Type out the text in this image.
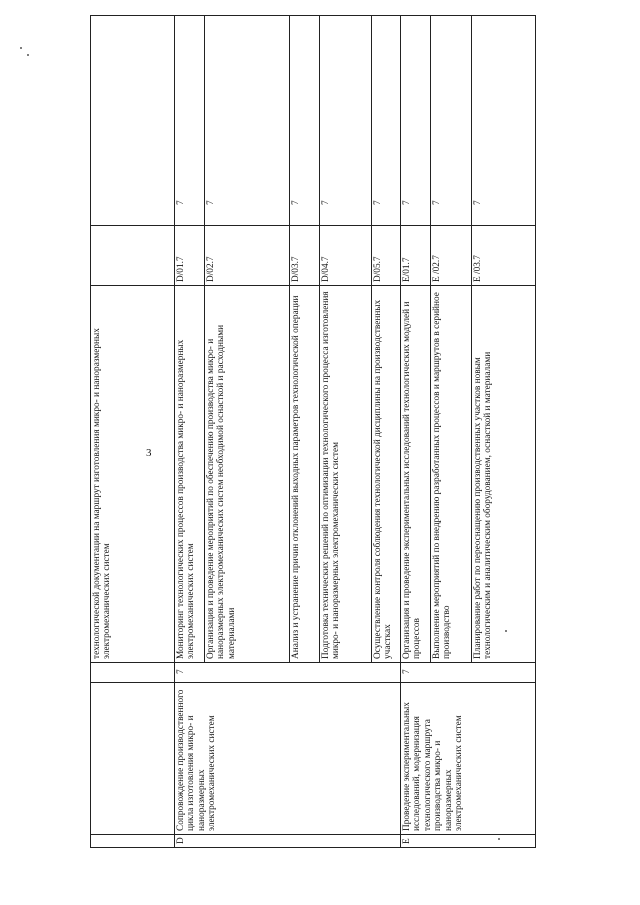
3
			технологической документации на маршрут изготовления микро- и наноразмерных электромеханических систем		
D	Сопровождение производственного цикла изготовления микро- и наноразмерных электромеханических систем	7	Мониторинг технологических процессов производства микро- и наноразмерных электромеханических систем	D/01.7	7
			Организация и проведение мероприятий по обеспечению производства микро- и наноразмерных электромеханических систем необходимой оснасткой и расходными материалами	D/02.7	7
			Анализ и устранение причин отклонений выходных параметров технологической операции	D/03.7	7
			Подготовка технических решений по оптимизации технологического процесса изготовления микро- и наноразмерных электромеханических систем	D/04.7	7
			Осуществление контроля соблюдения технологической дисциплины на производственных участках	D/05.7	7
E	Проведение экспериментальных исследований, модернизация технологического маршрута производства микро- и наноразмерных электромеханических систем	7	Организация и проведение экспериментальных исследований технологических модулей и процессов	E/01.7	7
			Выполнение мероприятий по внедрению разработанных процессов и маршрутов в серийное производство	E /02.7	7
			Планирование работ по переоснащению производственных участков новым технологическим и аналитическим оборудованием, оснасткой и материалами	E /03.7	7
